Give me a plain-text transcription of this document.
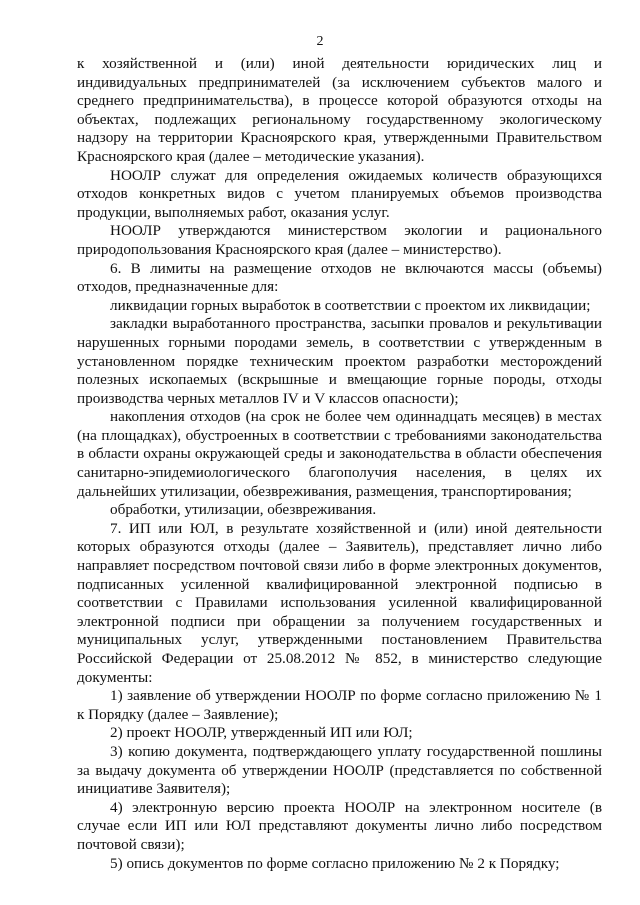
2

к хозяйственной и (или) иной деятельности юридических лиц и индивидуальных предпринимателей (за исключением субъектов малого и среднего предпринимательства), в процессе которой образуются отходы на объектах, подлежащих региональному государственному экологическому надзору на территории Красноярского края, утвержденными Правительством Красноярского края (далее – методические указания).

НООЛР служат для определения ожидаемых количеств образующихся отходов конкретных видов с учетом планируемых объемов производства продукции, выполняемых работ, оказания услуг.

НООЛР утверждаются министерством экологии и рационального природопользования Красноярского края (далее – министерство).

6. В лимиты на размещение отходов не включаются массы (объемы) отходов, предназначенные для:

ликвидации горных выработок в соответствии с проектом их ликвидации;

закладки выработанного пространства, засыпки провалов и рекультивации нарушенных горными породами земель, в соответствии с утвержденным в установленном порядке техническим проектом разработки месторождений полезных ископаемых (вскрышные и вмещающие горные породы, отходы производства черных металлов IV и V классов опасности);

накопления отходов (на срок не более чем одиннадцать месяцев) в местах (на площадках), обустроенных в соответствии с требованиями законодательства в области охраны окружающей среды и законодательства в области обеспечения санитарно-эпидемиологического благополучия населения, в целях их дальнейших утилизации, обезвреживания, размещения, транспортирования;

обработки, утилизации, обезвреживания.

7. ИП или ЮЛ, в результате хозяйственной и (или) иной деятельности которых образуются отходы (далее – Заявитель), представляет лично либо направляет посредством почтовой связи либо в форме электронных документов, подписанных усиленной квалифицированной электронной подписью в соответствии с Правилами использования усиленной квалифицированной электронной подписи при обращении за получением государственных и муниципальных услуг, утвержденными постановлением Правительства Российской Федерации от 25.08.2012 № 852, в министерство следующие документы:

1) заявление об утверждении НООЛР по форме согласно приложению № 1 к Порядку (далее – Заявление);

2) проект НООЛР, утвержденный ИП или ЮЛ;

3) копию документа, подтверждающего уплату государственной пошлины за выдачу документа об утверждении НООЛР (представляется по собственной инициативе Заявителя);

4) электронную версию проекта НООЛР на электронном носителе (в случае если ИП или ЮЛ представляют документы лично либо посредством почтовой связи);

5) опись документов по форме согласно приложению № 2 к Порядку;
